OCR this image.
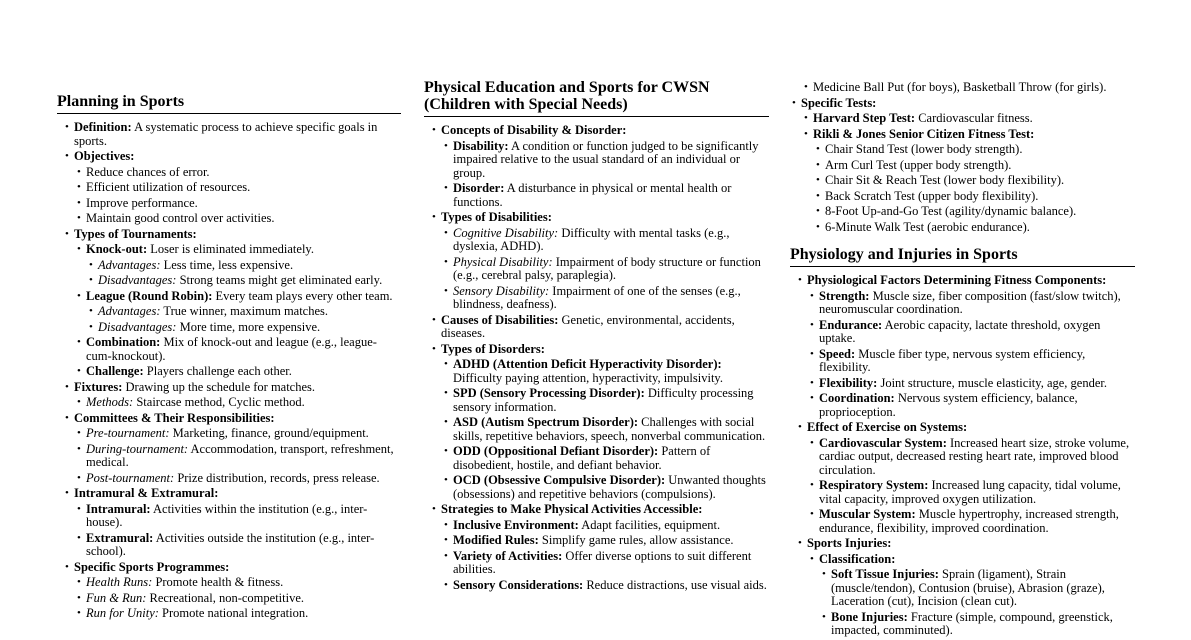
Planning in Sports
• Definition: A systematic process to achieve specific goals in sports.
• Objectives:
• Reduce chances of error.
• Efficient utilization of resources.
• Improve performance.
• Maintain good control over activities.
• Types of Tournaments:
• Knock-out: Loser is eliminated immediately.
• Advantages: Less time, less expensive.
• Disadvantages: Strong teams might get eliminated early.
• League (Round Robin): Every team plays every other team.
• Advantages: True winner, maximum matches.
• Disadvantages: More time, more expensive.
• Combination: Mix of knock-out and league (e.g., league-cum-knockout).
• Challenge: Players challenge each other.
• Fixtures: Drawing up the schedule for matches.
• Methods: Staircase method, Cyclic method.
• Committees & Their Responsibilities:
• Pre-tournament: Marketing, finance, ground/equipment.
• During-tournament: Accommodation, transport, refreshment, medical.
• Post-tournament: Prize distribution, records, press release.
• Intramural & Extramural:
• Intramural: Activities within the institution (e.g., inter-house).
• Extramural: Activities outside the institution (e.g., inter-school).
• Specific Sports Programmes:
• Health Runs: Promote health & fitness.
• Fun & Run: Recreational, non-competitive.
• Run for Unity: Promote national integration.
Physical Education and Sports for CWSN (Children with Special Needs)
• Concepts of Disability & Disorder:
• Disability: A condition or function judged to be significantly impaired relative to the usual standard of an individual or group.
• Disorder: A disturbance in physical or mental health or functions.
• Types of Disabilities:
• Cognitive Disability: Difficulty with mental tasks (e.g., dyslexia, ADHD).
• Physical Disability: Impairment of body structure or function (e.g., cerebral palsy, paraplegia).
• Sensory Disability: Impairment of one of the senses (e.g., blindness, deafness).
• Causes of Disabilities: Genetic, environmental, accidents, diseases.
• Types of Disorders:
• ADHD (Attention Deficit Hyperactivity Disorder): Difficulty paying attention, hyperactivity, impulsivity.
• SPD (Sensory Processing Disorder): Difficulty processing sensory information.
• ASD (Autism Spectrum Disorder): Challenges with social skills, repetitive behaviors, speech, nonverbal communication.
• ODD (Oppositional Defiant Disorder): Pattern of disobedient, hostile, and defiant behavior.
• OCD (Obsessive Compulsive Disorder): Unwanted thoughts (obsessions) and repetitive behaviors (compulsions).
• Strategies to Make Physical Activities Accessible:
• Inclusive Environment: Adapt facilities, equipment.
• Modified Rules: Simplify game rules, allow assistance.
• Variety of Activities: Offer diverse options to suit different abilities.
• Sensory Considerations: Reduce distractions, use visual aids.
• Medicine Ball Put (for boys), Basketball Throw (for girls).
• Specific Tests:
• Harvard Step Test: Cardiovascular fitness.
• Rikli & Jones Senior Citizen Fitness Test:
• Chair Stand Test (lower body strength).
• Arm Curl Test (upper body strength).
• Chair Sit & Reach Test (lower body flexibility).
• Back Scratch Test (upper body flexibility).
• 8-Foot Up-and-Go Test (agility/dynamic balance).
• 6-Minute Walk Test (aerobic endurance).
Physiology and Injuries in Sports
• Physiological Factors Determining Fitness Components:
• Strength: Muscle size, fiber composition (fast/slow twitch), neuromuscular coordination.
• Endurance: Aerobic capacity, lactate threshold, oxygen uptake.
• Speed: Muscle fiber type, nervous system efficiency, flexibility.
• Flexibility: Joint structure, muscle elasticity, age, gender.
• Coordination: Nervous system efficiency, balance, proprioception.
• Effect of Exercise on Systems:
• Cardiovascular System: Increased heart size, stroke volume, cardiac output, decreased resting heart rate, improved blood circulation.
• Respiratory System: Increased lung capacity, tidal volume, vital capacity, improved oxygen utilization.
• Muscular System: Muscle hypertrophy, increased strength, endurance, flexibility, improved coordination.
• Sports Injuries:
• Classification:
• Soft Tissue Injuries: Sprain (ligament), Strain (muscle/tendon), Contusion (bruise), Abrasion (graze), Laceration (cut), Incision (clean cut).
• Bone Injuries: Fracture (simple, compound, greenstick, impacted, comminuted).
